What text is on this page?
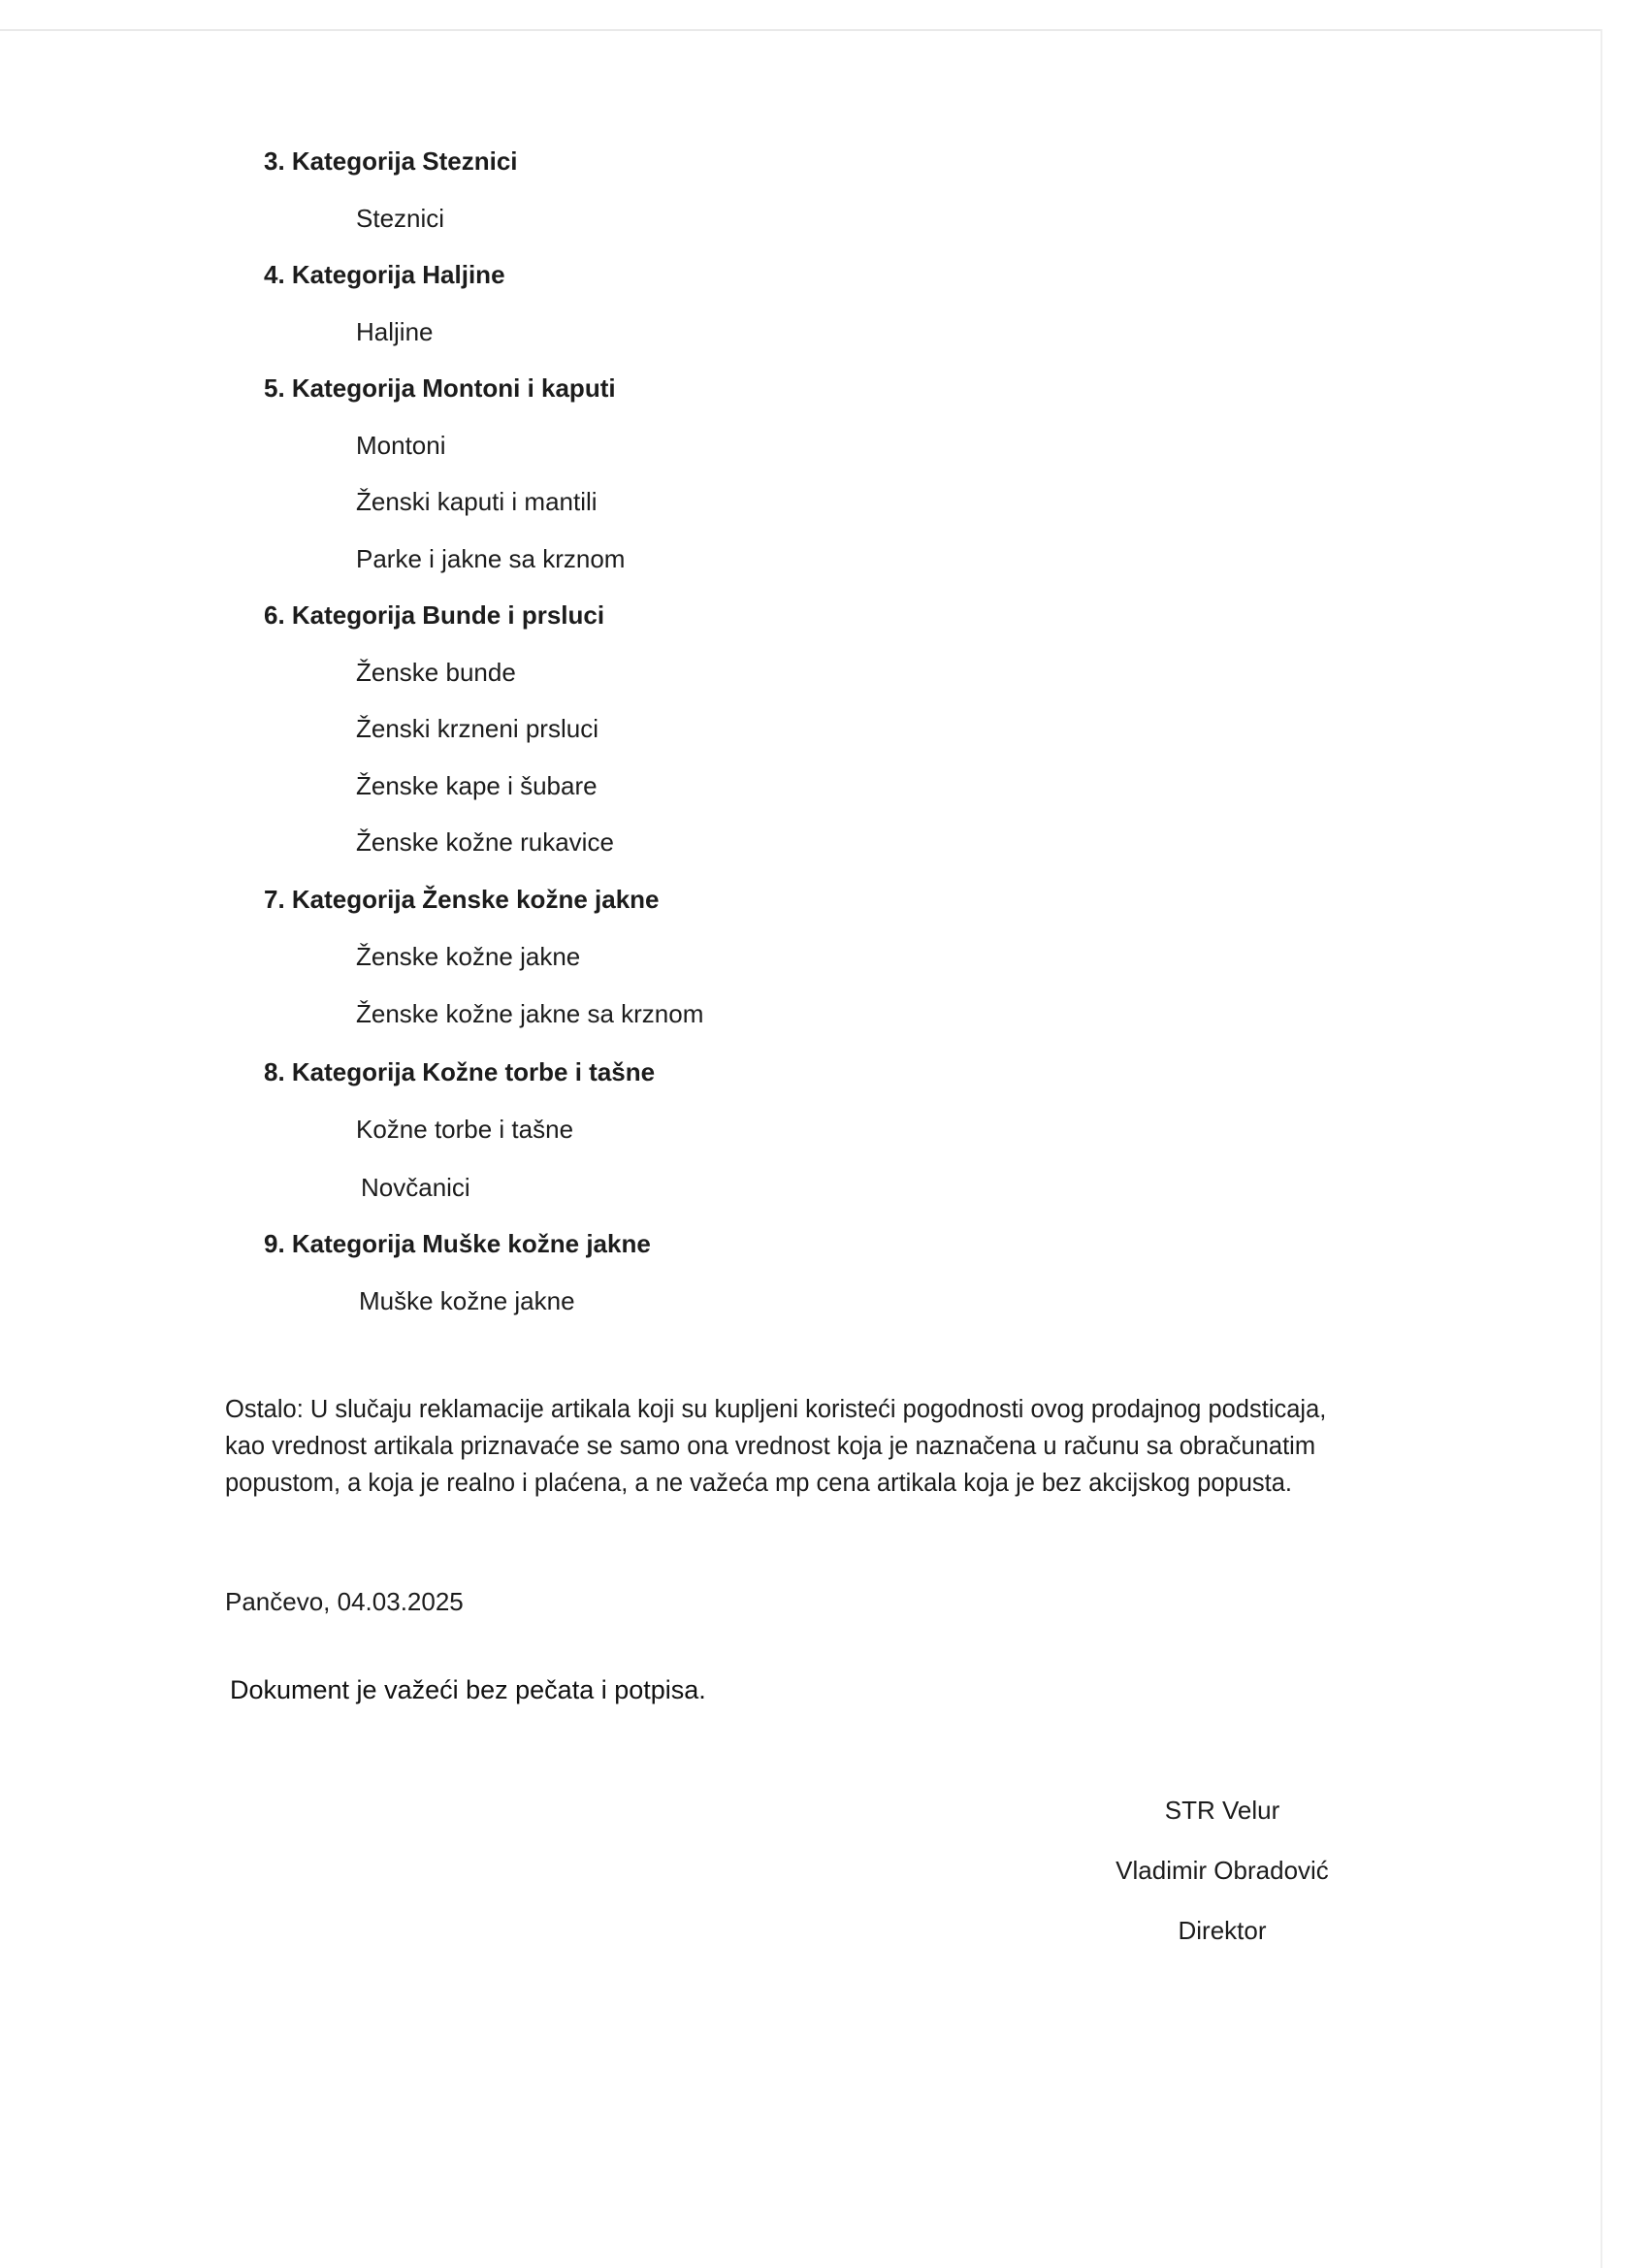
3. Kategorija Steznici
Steznici
4. Kategorija Haljine
Haljine
5. Kategorija Montoni i kaputi
Montoni
Ženski kaputi i mantili
Parke i jakne sa krznom
6. Kategorija Bunde i prsluci
Ženske bunde
Ženski krzneni prsluci
Ženske kape i šubare
Ženske kožne rukavice
7. Kategorija Ženske kožne jakne
Ženske kožne jakne
Ženske kožne jakne sa krznom
8. Kategorija Kožne torbe i tašne
Kožne torbe i tašne
Novčanici
9. Kategorija Muške kožne jakne
Muške kožne jakne
Ostalo: U slučaju reklamacije artikala koji su kupljeni koristeći pogodnosti ovog prodajnog podsticaja,
kao vrednost artikala priznavaće se samo ona vrednost koja je naznačena u računu sa obračunatim
popustom, a koja je realno i plaćena, a ne važeća mp cena artikala koja je bez akcijskog popusta.
Pančevo, 04.03.2025
Dokument je važeći bez pečata i potpisa.
STR Velur
Vladimir Obradović
Direktor
